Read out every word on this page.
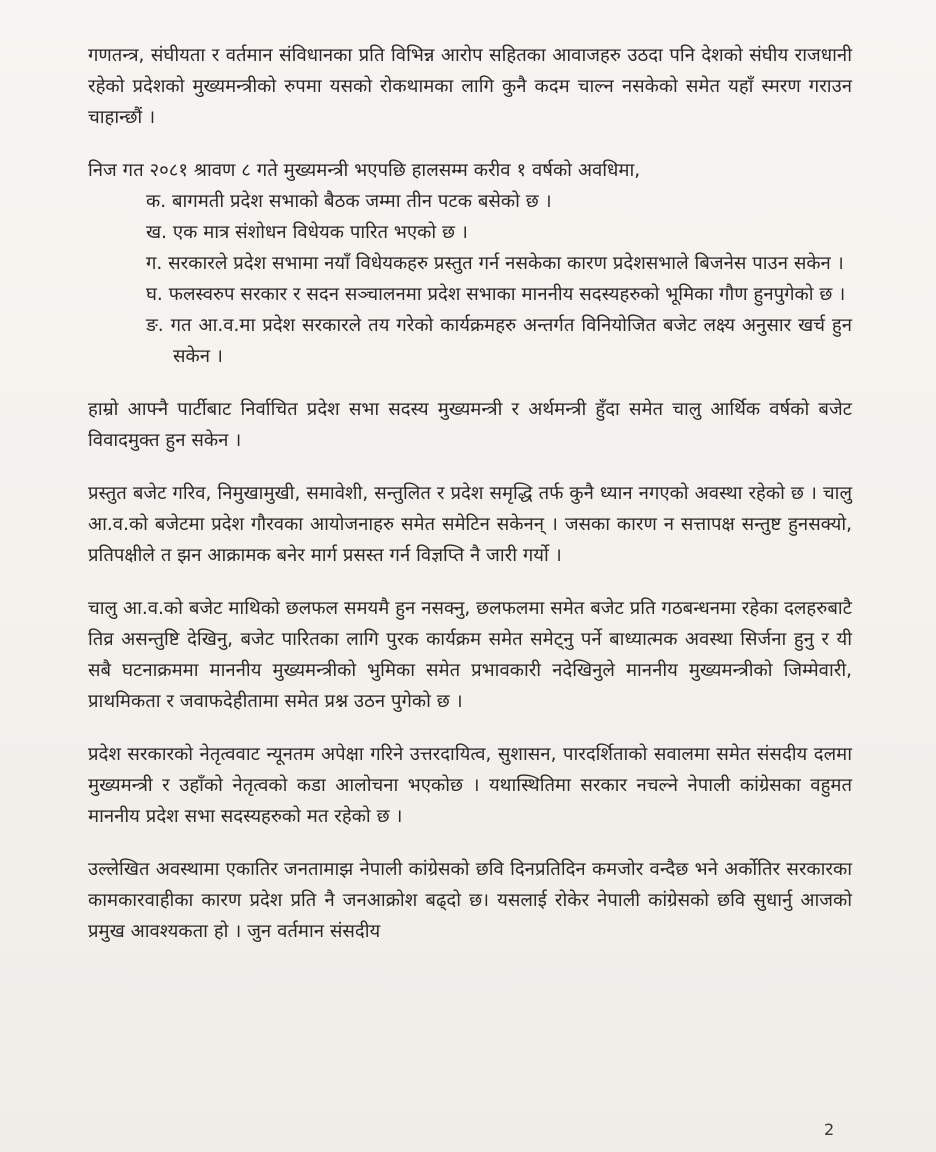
गणतन्त्र, संघीयता र वर्तमान संविधानका प्रति विभिन्न आरोप सहितका आवाजहरु उठदा पनि देशको संघीय राजधानी रहेको प्रदेशको मुख्यमन्त्रीको रुपमा यसको रोकथामका लागि कुनै कदम चाल्न नसकेको समेत यहाँ स्मरण गराउन चाहान्छौं ।

निज गत २०८१ श्रावण ८ गते मुख्यमन्त्री भएपछि हालसम्म करीव १ वर्षको अवधिमा,

क. बागमती प्रदेश सभाको बैठक जम्मा तीन पटक बसेको छ ।
ख. एक मात्र संशोधन विधेयक पारित भएको छ ।
ग. सरकारले प्रदेश सभामा नयाँ विधेयकहरु प्रस्तुत गर्न नसकेका कारण प्रदेशसभाले बिजनेस पाउन सकेन ।
घ. फलस्वरुप सरकार र सदन सञ्चालनमा प्रदेश सभाका माननीय सदस्यहरुको भूमिका गौण हुनपुगेको छ ।
ङ. गत आ.व.मा प्रदेश सरकारले तय गरेको कार्यक्रमहरु अन्तर्गत विनियोजित बजेट लक्ष्य अनुसार खर्च हुन सकेन ।

हाम्रो आफ्नै पार्टीबाट निर्वाचित प्रदेश सभा सदस्य मुख्यमन्त्री र अर्थमन्त्री हुँदा समेत चालु आर्थिक वर्षको बजेट विवादमुक्त हुन सकेन ।

प्रस्तुत बजेट गरिव, निमुखामुखी, समावेशी, सन्तुलित र प्रदेश समृद्धि तर्फ कुनै ध्यान नगएको अवस्था रहेको छ । चालु आ.व.को बजेटमा प्रदेश गौरवका आयोजनाहरु समेत समेटिन सकेनन् । जसका कारण न सत्तापक्ष सन्तुष्ट हुनसक्यो, प्रतिपक्षीले त झन आक्रामक बनेर मार्ग प्रसस्त गर्न विज्ञप्ति नै जारी गर्यो ।

चालु आ.व.को बजेट माथिको छलफल समयमै हुन नसक्नु, छलफलमा समेत बजेट प्रति गठबन्धनमा रहेका दलहरुबाटै तिव्र असन्तुष्टि देखिनु, बजेट पारितका लागि पुरक कार्यक्रम समेत समेट्नु पर्ने बाध्यात्मक अवस्था सिर्जना हुनु र यी सबै घटनाक्रममा माननीय मुख्यमन्त्रीको भुमिका समेत प्रभावकारी नदेखिनुले माननीय मुख्यमन्त्रीको जिम्मेवारी, प्राथमिकता र जवाफदेहीतामा समेत प्रश्न उठन पुगेको छ ।

प्रदेश सरकारको नेतृत्ववाट न्यूनतम अपेक्षा गरिने उत्तरदायित्व, सुशासन, पारदर्शिताको सवालमा समेत संसदीय दलमा मुख्यमन्त्री र उहाँको नेतृत्वको कडा आलोचना भएकोछ । यथास्थितिमा सरकार नचल्ने नेपाली कांग्रेसका वहुमत माननीय प्रदेश सभा सदस्यहरुको मत रहेको छ ।

उल्लेखित अवस्थामा एकातिर जनतामाझ नेपाली कांग्रेसको छवि दिनप्रतिदिन कमजोर वन्दैछ भने अर्कोतिर सरकारका कामकारवाहीका कारण प्रदेश प्रति नै जनआक्रोश बढ्दो छ। यसलाई रोकेर नेपाली कांग्रेसको छवि सुधार्नु आजको प्रमुख आवश्यकता हो । जुन वर्तमान संसदीय

2
